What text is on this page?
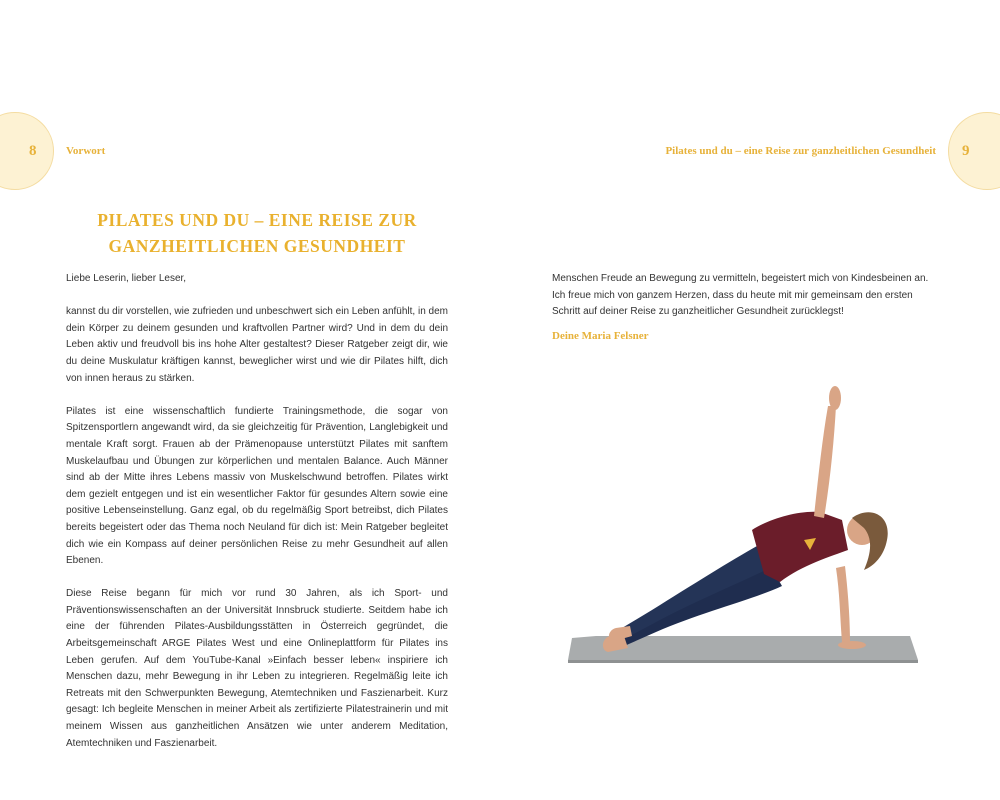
8	Vorwort	9
Pilates und du – eine Reise zur ganzheitlichen Gesundheit
PILATES UND DU – EINE REISE ZUR
GANZHEITLICHEN GESUNDHEIT

Liebe Leserin, lieber Leser,

kannst du dir vorstellen, wie zufrieden und unbeschwert sich ein Leben anfühlt, in dem dein Körper zu deinem gesunden und kraftvollen Partner wird? Und in dem du dein Leben aktiv und freudvoll bis ins hohe Alter gestaltest? Dieser Ratgeber zeigt dir, wie du deine Muskulatur kräftigen kannst, beweglicher wirst und wie dir Pilates hilft, dich von innen heraus zu stärken.

Pilates ist eine wissenschaftlich fundierte Trainingsmethode, die sogar von Spitzensportlern angewandt wird, da sie gleichzeitig für Prävention, Langlebigkeit und mentale Kraft sorgt. Frauen ab der Prämenopause unterstützt Pilates mit sanftem Muskelaufbau und Übungen zur körperlichen und mentalen Balance. Auch Männer sind ab der Mitte ihres Lebens massiv von Muskelschwund betroffen. Pilates wirkt dem gezielt entgegen und ist ein wesentlicher Faktor für gesundes Altern sowie eine positive Lebenseinstellung. Ganz egal, ob du regelmäßig Sport betreibst, dich Pilates bereits begeistert oder das Thema noch Neuland für dich ist: Mein Ratgeber begleitet dich wie ein Kompass auf deiner persönlichen Reise zu mehr Gesundheit auf allen Ebenen.

Diese Reise begann für mich vor rund 30 Jahren, als ich Sport- und Präventionswissenschaften an der Universität Innsbruck studierte. Seitdem habe ich eine der führenden Pilates-Ausbildungsstätten in Österreich gegründet, die Arbeitsgemeinschaft ARGE Pilates West und eine Onlineplattform für Pilates ins Leben gerufen. Auf dem YouTube-Kanal »Einfach besser leben« inspiriere ich Menschen dazu, mehr Bewegung in ihr Leben zu integrieren. Regelmäßig leite ich Retreats mit den Schwerpunkten Bewegung, Atemtechniken und Faszienarbeit. Kurz gesagt: Ich begleite Menschen in meiner Arbeit als zertifizierte Pilatestrainerin und mit meinem Wissen aus ganzheitlichen Ansätzen wie unter anderem Meditation, Atemtechniken und Faszienarbeit.

Menschen Freude an Bewegung zu vermitteln, begeistert mich von Kindesbeinen an. Ich freue mich von ganzem Herzen, dass du heute mit mir gemeinsam den ersten Schritt auf deiner Reise zu ganzheitlicher Gesundheit zurücklegst!

Deine Maria Felsner
